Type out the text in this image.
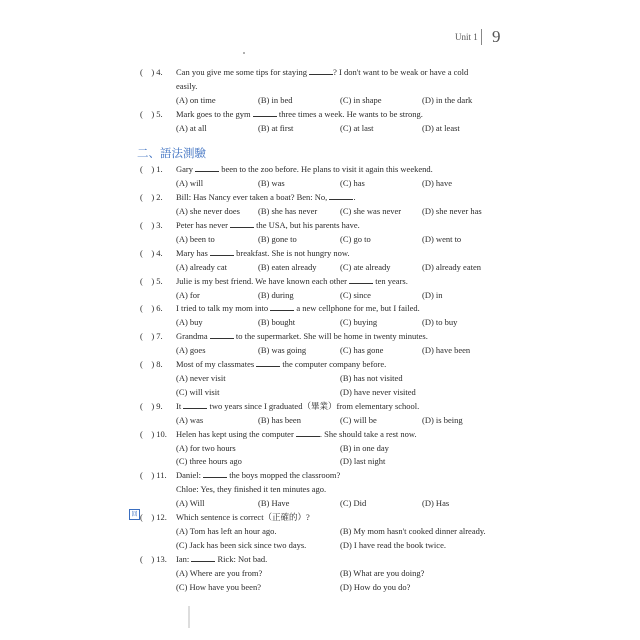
Unit 1 9
二、語法測驗
回
(　) 4. Can you give me some tips for staying	? I don't want to be weak or have a cold
easily.
(A) on time	(B) in bed	(C) in shape	(D) in the dark
(　) 5. Mark goes to the gym	three times a week. He wants to be strong.
(A) at all	(B) at first	(C) at last	(D) at least
(　) 1. Gary	been to the zoo before. He plans to visit it again this weekend.
(A) will	(B) was	(C) has	(D) have
(　) 2. Bill: Has Nancy ever taken a boat? Ben: No,	.
(A) she never does (B) she has never	(C) she was never (D) she never has
(　) 3. Peter has never	the USA, but his parents have.
(A) been to	(B) gone to	(C) go to	(D) went to
(　) 4. Mary has	breakfast. She is not hungry now.
(A) already cat	(B) eaten already	(C) ate already	(D) already eaten
(　) 5. Julie is my best friend. We have known each other	ten years.
(A) for	(B) during	(C) since	(D) in
(　) 6. I tried to talk my mom into	a new cellphone for me, but I failed.
(A) buy	(B) bought	(C) buying	(D) to buy
(　) 7. Grandma	to the supermarket. She will be home in twenty minutes.
(A) goes	(B) was going	(C) has gone	(D) have been
(　) 8. Most of my classmates	the computer company before.
(A) never visit	(B) has not visited
(C) will visit	(D) have never visited
(　) 9. It	two years since I graduated（畢業）from elementary school.
(A) was	(B) has been	(C) will be	(D) is being
(　) 10. Helen has kept using the computer	. She should take a rest now.
(A) for two hours	(B) in one day
(C) three hours ago	(D) last night
(　) 11. Daniel:	the boys mopped the classroom?
Chloe: Yes, they finished it ten minutes ago.
(A) Will	(B) Have	(C) Did	(D) Has
(　) 12. Which sentence is correct（正確的）?
(A) Tom has left an hour ago.	(B) My mom hasn't cooked dinner already.
(C) Jack has been sick since two days.	(D) I have read the book twice.
(　) 13. Ian:	Rick: Not bad.
(A) Where are you from?	(B) What are you doing?
(C) How have you been?	(D) How do you do?
